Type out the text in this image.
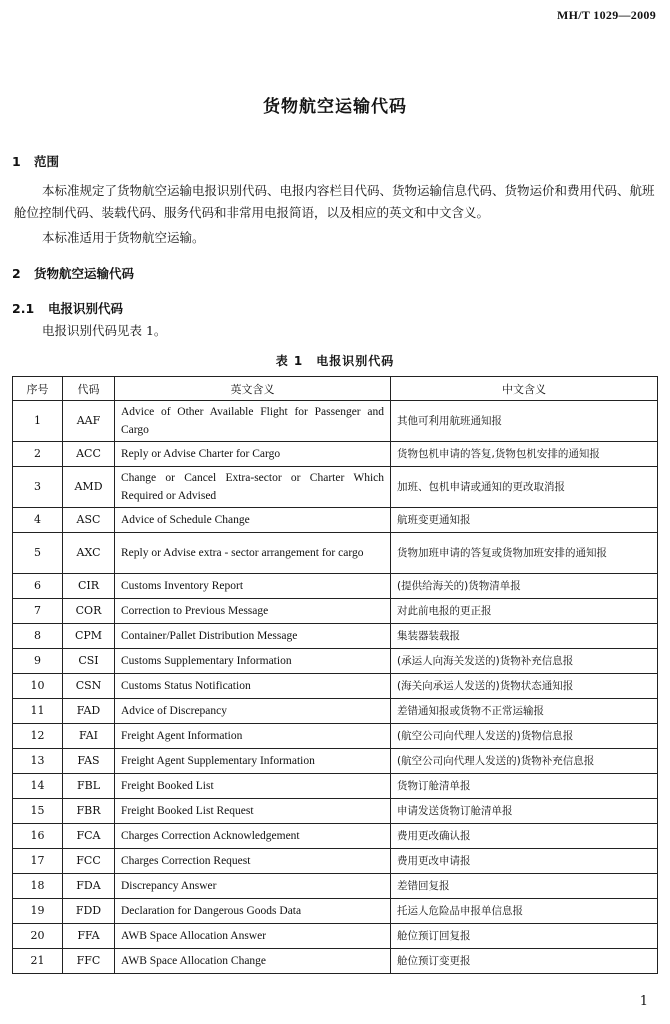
MH/T 1029—2009
货物航空运输代码
1 范围
本标准规定了货物航空运输电报识别代码、电报内容栏目代码、货物运输信息代码、货物运价和费用代码、航班舱位控制代码、装载代码、服务代码和非常用电报简语，以及相应的英文和中文含义。
本标准适用于货物航空运输。
2 货物航空运输代码
2.1 电报识别代码
电报识别代码见表 1。
表 1　电报识别代码
序号	代码	英文含义	中文含义
1	AAF	Advice of Other Available Flight for Passenger and Cargo	其他可利用航班通知报
2	ACC	Reply or Advise Charter for Cargo	货物包机申请的答复,货物包机安排的通知报
3	AMD	Change or Cancel Extra-sector or Charter Which Required or Advised	加班、包机申请或通知的更改取消报
4	ASC	Advice of Schedule Change	航班变更通知报
5	AXC	Reply or Advise extra - sector arrangement for cargo	货物加班申请的答复或货物加班安排的通知报
6	CIR	Customs Inventory Report	(提供给海关的)货物清单报
7	COR	Correction to Previous Message	对此前电报的更正报
8	CPM	Container/Pallet Distribution Message	集装器装载报
9	CSI	Customs Supplementary Information	(承运人向海关发送的)货物补充信息报
10	CSN	Customs Status Notification	(海关向承运人发送的)货物状态通知报
11	FAD	Advice of Discrepancy	差错通知报或货物不正常运输报
12	FAI	Freight Agent Information	(航空公司向代理人发送的)货物信息报
13	FAS	Freight Agent Supplementary Information	(航空公司向代理人发送的)货物补充信息报
14	FBL	Freight Booked List	货物订舱清单报
15	FBR	Freight Booked List Request	申请发送货物订舱清单报
16	FCA	Charges Correction Acknowledgement	费用更改确认报
17	FCC	Charges Correction Request	费用更改申请报
18	FDA	Discrepancy Answer	差错回复报
19	FDD	Declaration for Dangerous Goods Data	托运人危险品申报单信息报
20	FFA	AWB Space Allocation Answer	舱位预订回复报
21	FFC	AWB Space Allocation Change	舱位预订变更报
1
